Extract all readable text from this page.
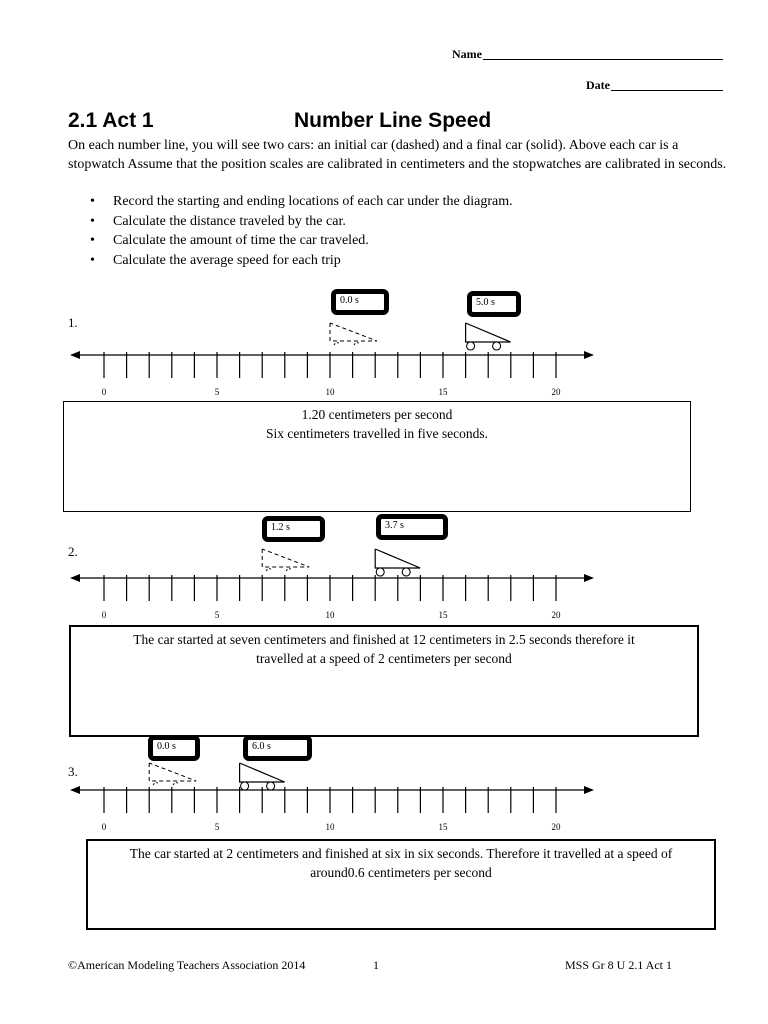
Name
Date
2.1 Act 1	Number Line Speed
On each number line, you will see two cars: an initial car (dashed) and a final car (solid). Above each car is a stopwatch Assume that the position scales are calibrated in centimeters and the stopwatches are calibrated in seconds.
• Record the starting and ending locations of each car under the diagram.
• Calculate the distance traveled by the car.
• Calculate the amount of time the car traveled.
• Calculate the average speed for each trip
1.
0.0 s	5.0 s
0	5	10	15	20
1.20 centimeters per second
Six centimeters travelled in five seconds.
2.
1.2 s	3.7 s
0	5	10	15	20
The car started at seven centimeters and finished at 12 centimeters in 2.5 seconds therefore it
travelled at a speed of 2 centimeters per second
3.
0.0 s	6.0 s
0	5	10	15	20
The car started at 2 centimeters and finished at six in six seconds. Therefore it travelled at a speed of
around0.6 centimeters per second
©American Modeling Teachers Association 2014	1	MSS Gr 8 U 2.1 Act 1
